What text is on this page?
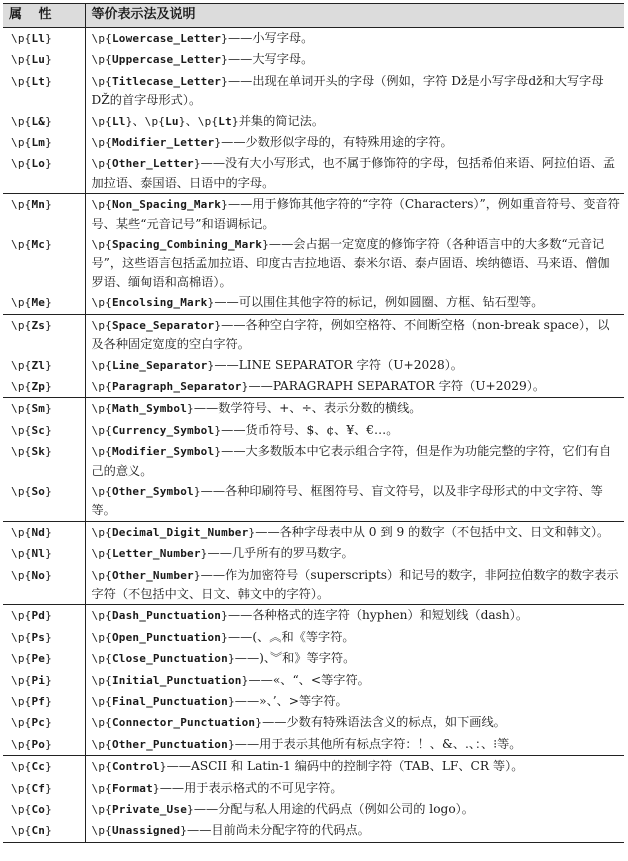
属 性	等价表示法及说明
\p{Ll}	\p{Lowercase_Letter}——小写字母。
\p{Lu}	\p{Uppercase_Letter}——大写字母。
\p{Lt}	\p{Titlecase_Letter}——出现在单词开头的字母（例如，字符 Dž是小写字母dž和大写字母 DŽ的首字母形式）。
\p{L&}	\p{Ll}、\p{Lu}、\p{Lt}并集的简记法。
\p{Lm}	\p{Modifier_Letter}——少数形似字母的，有特殊用途的字符。
\p{Lo}	\p{Other_Letter}——没有大小写形式，也不属于修饰符的字母，包括希伯来语、阿拉伯语、孟加拉语、泰国语、日语中的字母。
\p{Mn}	\p{Non_Spacing_Mark}——用于修饰其他字符的“字符（Characters）”，例如重音符号、变音符号、某些“元音记号”和语调标记。
\p{Mc}	\p{Spacing_Combining_Mark}——会占据一定宽度的修饰字符（各种语言中的大多数“元音记号”，这些语言包括孟加拉语、印度古吉拉地语、泰米尔语、泰卢固语、埃纳德语、马来语、僧伽罗语、缅甸语和高棉语）。
\p{Me}	\p{Encolsing_Mark}——可以围住其他字符的标记，例如圆圈、方框、钻石型等。
\p{Zs}	\p{Space_Separator}——各种空白字符，例如空格符、不间断空格（non-break space），以及各种固定宽度的空白字符。
\p{Zl}	\p{Line_Separator}——LINE SEPARATOR 字符（U+2028）。
\p{Zp}	\p{Paragraph_Separator}——PARAGRAPH SEPARATOR 字符（U+2029）。
\p{Sm}	\p{Math_Symbol}——数学符号、+、÷、表示分数的横线。
\p{Sc}	\p{Currency_Symbol}——货币符号、$、¢、¥、€…。
\p{Sk}	\p{Modifier_Symbol}——大多数版本中它表示组合字符，但是作为功能完整的字符，它们有自己的意义。
\p{So}	\p{Other_Symbol}——各种印刷符号、框图符号、盲文符号，以及非字母形式的中文字符、等等。
\p{Nd}	\p{Decimal_Digit_Number}——各种字母表中从 0 到 9 的数字（不包括中文、日文和韩文）。
\p{Nl}	\p{Letter_Number}——几乎所有的罗马数字。
\p{No}	\p{Other_Number}——作为加密符号（superscripts）和记号的数字，非阿拉伯数字的数字表示字符（不包括中文、日文、韩文中的字符）。
\p{Pd}	\p{Dash_Punctuation}——各种格式的连字符（hyphen）和短划线（dash）。
\p{Ps}	\p{Open_Punctuation}——(、︽和《等字符。
\p{Pe}	\p{Close_Punctuation}——)、︾和》等字符。
\p{Pi}	\p{Initial_Punctuation}——«、“、<等字符。
\p{Pf}	\p{Final_Punctuation}——»、’、>等字符。
\p{Pc}	\p{Connector_Punctuation}——少数有特殊语法含义的标点，如下画线。
\p{Po}	\p{Other_Punctuation}——用于表示其他所有标点字符：！、&、.、：、⁝等。
\p{Cc}	\p{Control}——ASCII 和 Latin-1 编码中的控制字符（TAB、LF、CR 等）。
\p{Cf}	\p{Format}——用于表示格式的不可见字符。
\p{Co}	\p{Private_Use}——分配与私人用途的代码点（例如公司的 logo）。
\p{Cn}	\p{Unassigned}——目前尚未分配字符的代码点。
